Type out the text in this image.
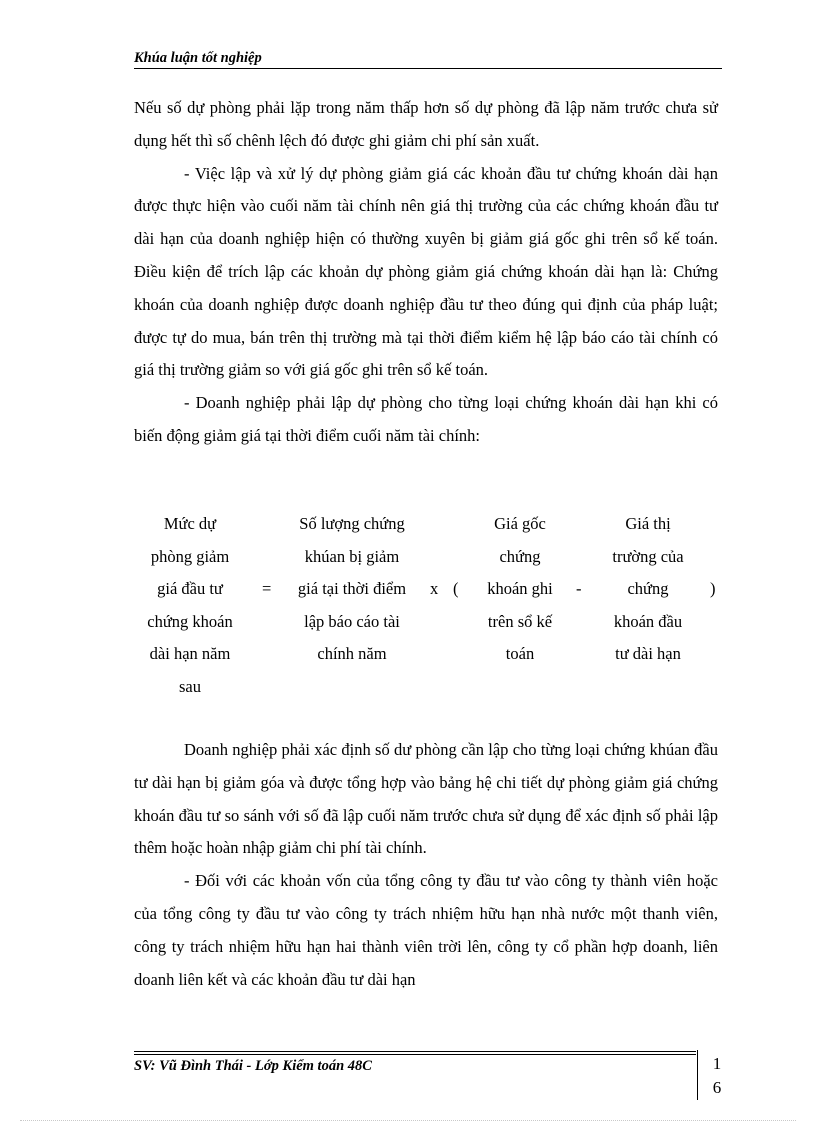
Khúa luận tốt nghiệp

Nếu số dự phòng phải lặp trong năm thấp hơn số dự phòng đã lập năm trước chưa sử dụng hết thì số chênh lệch đó được ghi giảm chi phí sản xuất.

- Việc lập và xử lý dự phòng giảm giá các khoản đầu tư chứng khoán dài hạn được thực hiện vào cuối năm tài chính nên giá thị trường của các chứng khoán đầu tư dài hạn của doanh nghiệp hiện có thường xuyên bị giảm giá gốc ghi trên sổ kế toán. Điều kiện để trích lập các khoản dự phòng giảm giá chứng khoán dài hạn là: Chứng khoán của doanh nghiệp được doanh nghiệp đầu tư theo đúng qui định của pháp luật; được tự do mua, bán trên thị trường mà tại thời điểm kiểm hệ lập báo cáo tài chính có giá thị trường giảm so với giá gốc ghi trên sổ kế toán.

- Doanh nghiệp phải lập dự phòng cho từng loại chứng khoán dài hạn khi có biến động giảm giá tại thời điểm cuối năm tài chính:

Mức dự
phòng giảm
giá đầu tư
chứng khoán
dài hạn năm
sau
=
Số lượng chứng
khúan bị giảm
giá tại thời điểm
lập báo cáo tài
chính năm
x (
Giá gốc
chứng
khoán ghi
trên sổ kế
toán
-
Giá thị
trường của
chứng
khoán đầu
tư dài hạn
)

Doanh nghiệp phải xác định số dư phòng cần lập cho từng loại chứng khúan đầu tư dài hạn bị giảm góa và được tổng hợp vào bảng hệ chi tiết dự phòng giảm giá chứng khoán đầu tư so sánh với số đã lập cuối năm trước chưa sử dụng để xác định số phải lập thêm hoặc hoàn nhập giảm chi phí tài chính.

- Đối với các khoản vốn của tổng công ty đầu tư vào công ty thành viên hoặc của tổng công ty đầu tư vào công ty trách nhiệm hữu hạn nhà nước một thanh viên, công ty trách nhiệm hữu hạn hai thành viên trời lên, công ty cổ phần hợp doanh, liên doanh liên kết và các khoản đầu tư dài hạn

SV: Vũ Đình Thái - Lớp Kiểm toán 48C	1
6
